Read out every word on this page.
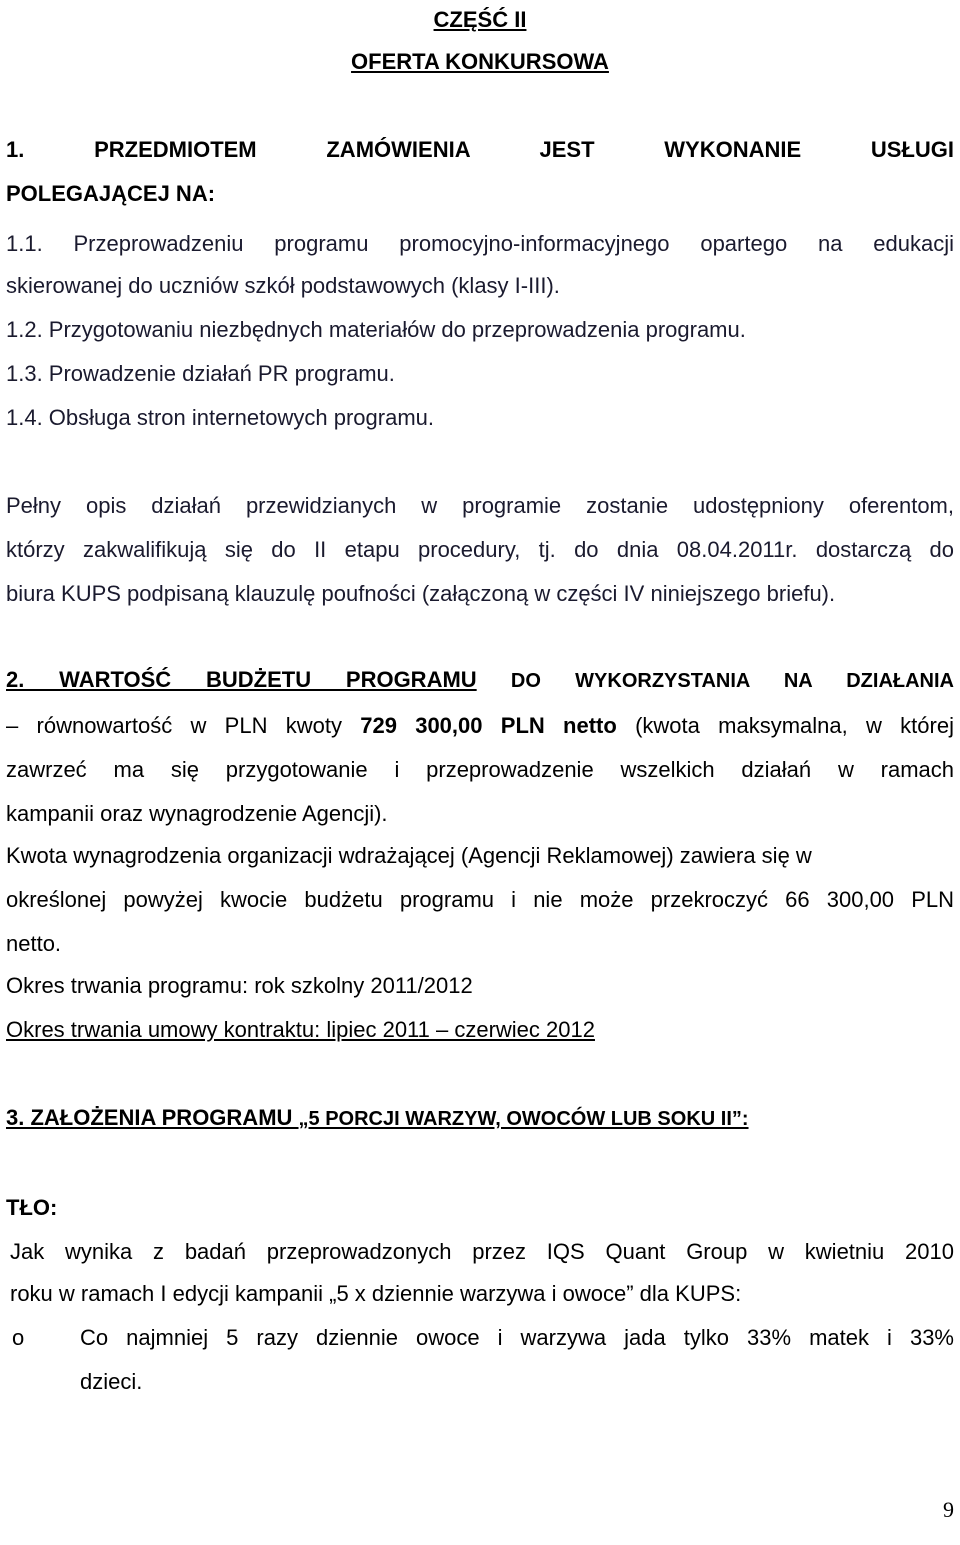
CZĘŚĆ II
OFERTA KONKURSOWA
1. PRZEDMIOTEM ZAMÓWIENIA JEST WYKONANIE USŁUGI
POLEGAJĄCEJ NA:
1.1. Przeprowadzeniu programu promocyjno-informacyjnego opartego na edukacji
skierowanej do uczniów szkół podstawowych (klasy I-III).
1.2. Przygotowaniu niezbędnych materiałów do przeprowadzenia programu.
1.3. Prowadzenie działań PR programu.
1.4. Obsługa stron internetowych programu.
Pełny opis działań przewidzianych w programie zostanie udostępniony oferentom,
którzy zakwalifikują się do II etapu procedury, tj. do dnia 08.04.2011r. dostarczą do
biura KUPS podpisaną klauzulę poufności (załączoną w części IV niniejszego briefu).
2. WARTOŚĆ BUDŻETU PROGRAMU DO WYKORZYSTANIA NA DZIAŁANIA
– równowartość w PLN kwoty 729 300,00 PLN netto (kwota maksymalna, w której
zawrzeć ma się przygotowanie i przeprowadzenie wszelkich działań w ramach
kampanii oraz wynagrodzenie Agencji).
Kwota wynagrodzenia organizacji wdrażającej (Agencji Reklamowej) zawiera się w
określonej powyżej kwocie budżetu programu i nie może przekroczyć 66 300,00 PLN
netto.
Okres trwania programu: rok szkolny 2011/2012
Okres trwania umowy kontraktu: lipiec 2011 – czerwiec 2012
3. ZAŁOŻENIA PROGRAMU „5 PORCJI WARZYW, OWOCÓW LUB SOKU II”:
TŁO:
Jak wynika z badań przeprowadzonych przez IQS Quant Group w kwietniu 2010
roku w ramach I edycji kampanii „5 x dziennie warzywa i owoce” dla KUPS:
o	Co najmniej 5 razy dziennie owoce i warzywa jada tylko 33% matek i 33%
dzieci.
9
